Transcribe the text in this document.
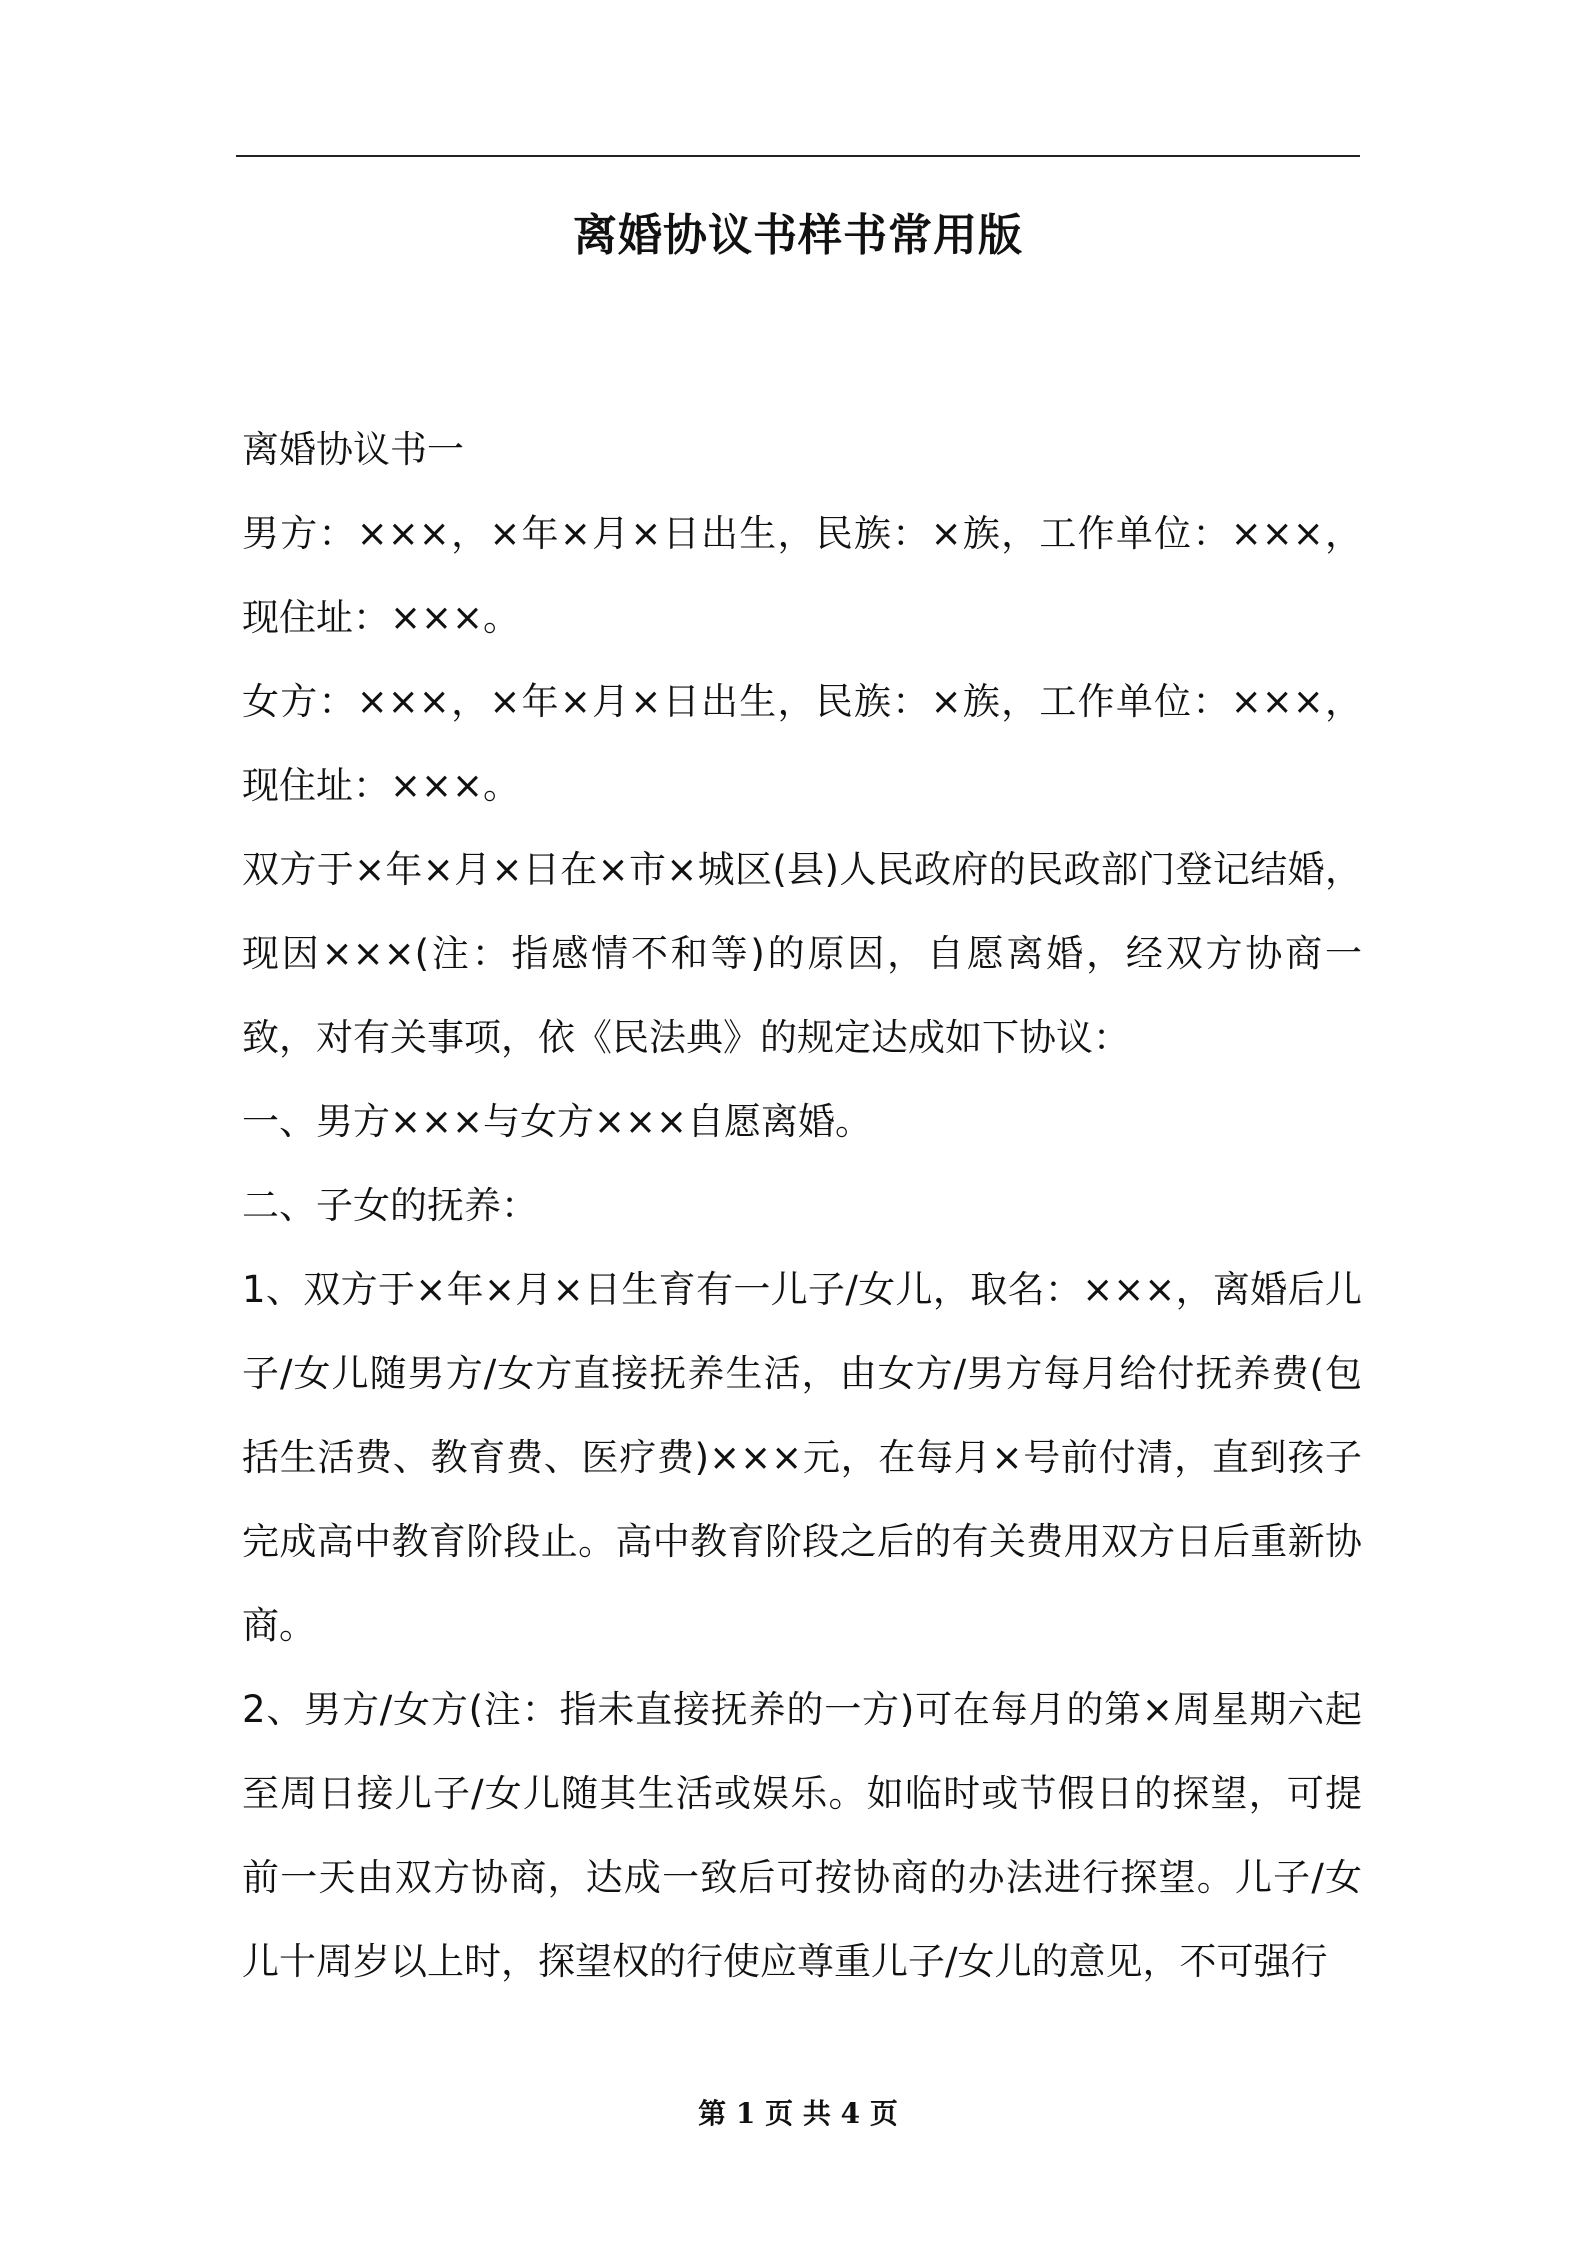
离婚协议书样书常用版

离婚协议书一

男方：×××，×年×月×日出生，民族：×族，工作单位：×××，现住址：×××。

女方：×××，×年×月×日出生，民族：×族，工作单位：×××，现住址：×××。

双方于×年×月×日在×市×城区(县)人民政府的民政部门登记结婚，现因×××(注：指感情不和等)的原因，自愿离婚，经双方协商一致，对有关事项，依《民法典》的规定达成如下协议：

一、男方×××与女方×××自愿离婚。

二、子女的抚养：

1、双方于×年×月×日生育有一儿子/女儿，取名：×××，离婚后儿子/女儿随男方/女方直接抚养生活，由女方/男方每月给付抚养费(包括生活费、教育费、医疗费)×××元，在每月×号前付清，直到孩子完成高中教育阶段止。高中教育阶段之后的有关费用双方日后重新协商。

2、男方/女方(注：指未直接抚养的一方)可在每月的第×周星期六起至周日接儿子/女儿随其生活或娱乐。如临时或节假日的探望，可提前一天由双方协商，达成一致后可按协商的办法进行探望。儿子/女儿十周岁以上时，探望权的行使应尊重儿子/女儿的意见，不可强行

第 1 页 共 4 页
